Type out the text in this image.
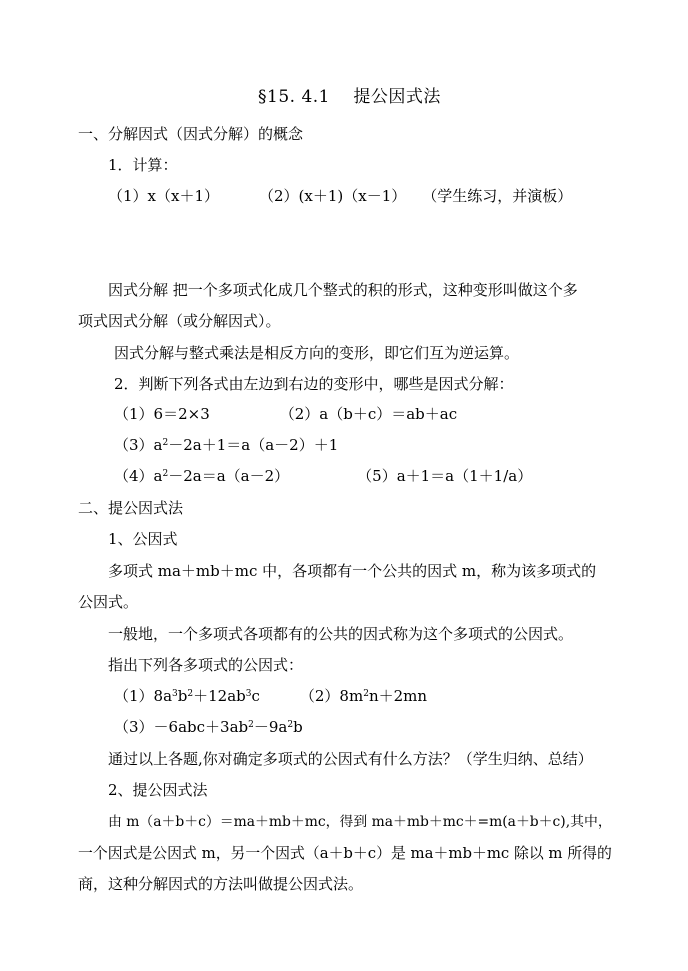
§15. 4.1　 提公因式法
一、分解因式（因式分解）的概念
1．计算：
（1）x（x＋1）	（2）(x＋1)（x－1） （学生练习，并演板）
因式分解 把一个多项式化成几个整式的积的形式，这种变形叫做这个多
项式因式分解（或分解因式）。
因式分解与整式乘法是相反方向的变形，即它们互为逆运算。
2．判断下列各式由左边到右边的变形中，哪些是因式分解：
（1）6＝2×3	（2）a（b＋c）＝ab＋ac
$(3)a^2-2a+1=a(a-2)+1$
$(4)a^2-2a=a(a-2)$	（5）a＋1＝a（1＋1/a）
二、提公因式法
1、公因式
多项式 ma＋mb＋mc 中，各项都有一个公共的因式 m，称为该多项式的
公因式。
一般地，一个多项式各项都有的公共的因式称为这个多项式的公因式。
指出下列各多项式的公因式：
$(1)8a^3b^2+12ab^3c$	$(2)8m^2n+2mn$
$(3)-6abc+3ab^2-9a^2b$
通过以上各题,你对确定多项式的公因式有什么方法？（学生归纳、总结）
2、提公因式法
由 m（a＋b＋c）＝ma＋mb＋mc，得到 ma＋mb＋mc＋=m(a＋b＋c),其中，
一个因式是公因式 m，另一个因式（a＋b＋c）是 ma＋mb＋mc 除以 m 所得的
商，这种分解因式的方法叫做提公因式法。
